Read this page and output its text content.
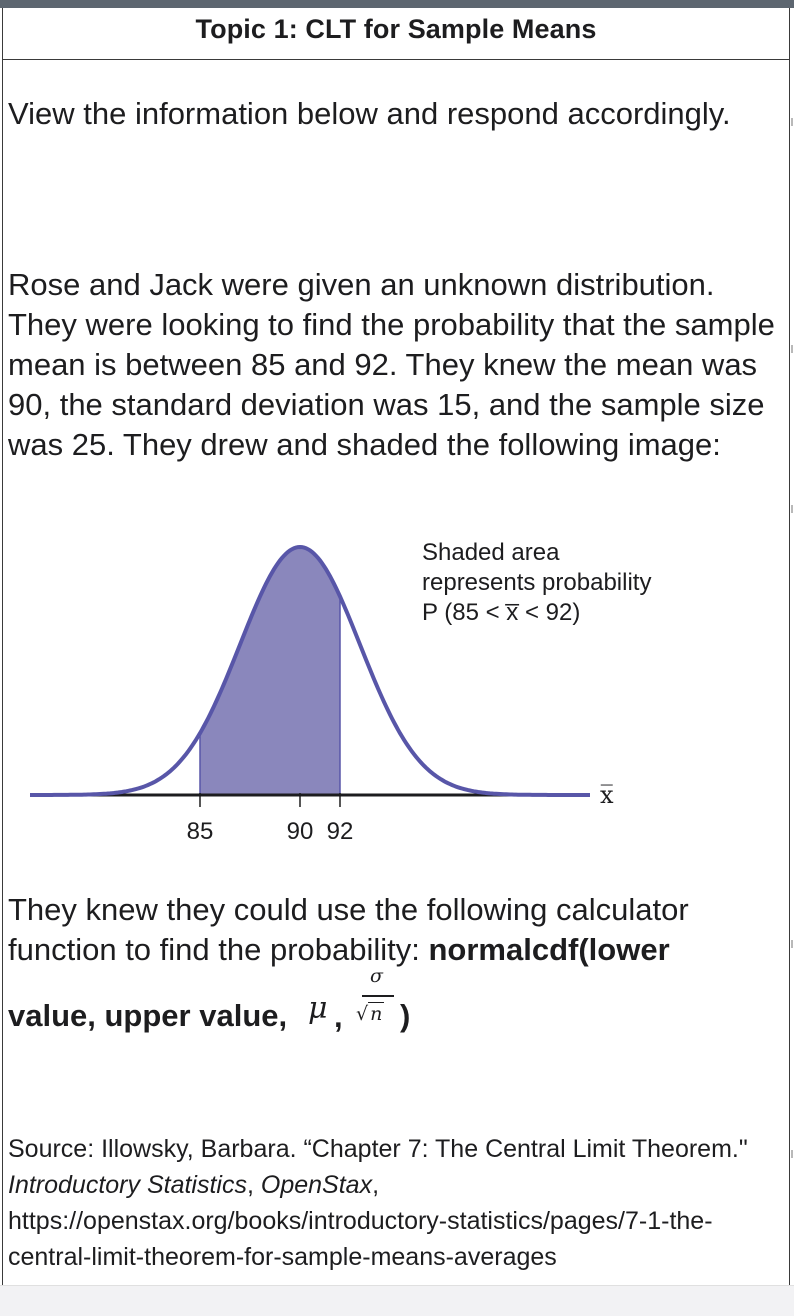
Topic 1: CLT for Sample Means

View the information below and respond accordingly.

Rose and Jack were given an unknown distribution. They were looking to find the probability that the sample mean is between 85 and 92. They knew the mean was 90, the standard deviation was 15, and the sample size was 25. They drew and shaded the following image:

85	90 92
Shaded area
represents probability
P (85 < x̅ < 92)
x̅

They knew they could use the following calculator function to find the probability: normalcdf(lower

value, upper value, μ ,
σ
√ n )

Source: Illowsky, Barbara. “Chapter 7: The Central Limit Theorem." Introductory Statistics, OpenStax, https://openstax.org/books/introductory-statistics/pages/7-1-the-central-limit-theorem-for-sample-means-averages
